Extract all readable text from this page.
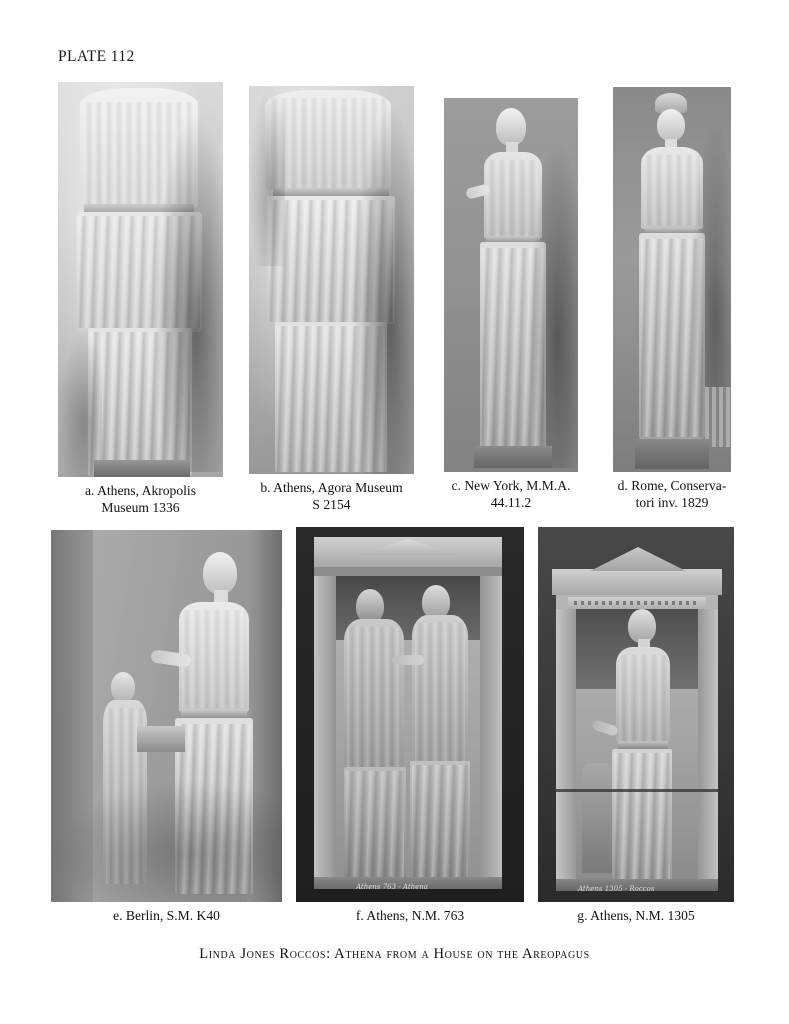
PLATE 112
a. Athens, Akropolis
Museum 1336
b. Athens, Agora Museum
S 2154
c. New York, M.M.A.
44.11.2
d. Rome, Conserva-
tori inv. 1829
e. Berlin, S.M. K40
Athens 763 - Athena
f. Athens, N.M. 763
Athens 1305 - Roccos
g. Athens, N.M. 1305
Linda Jones Roccos: Athena from a House on the Areopagus
